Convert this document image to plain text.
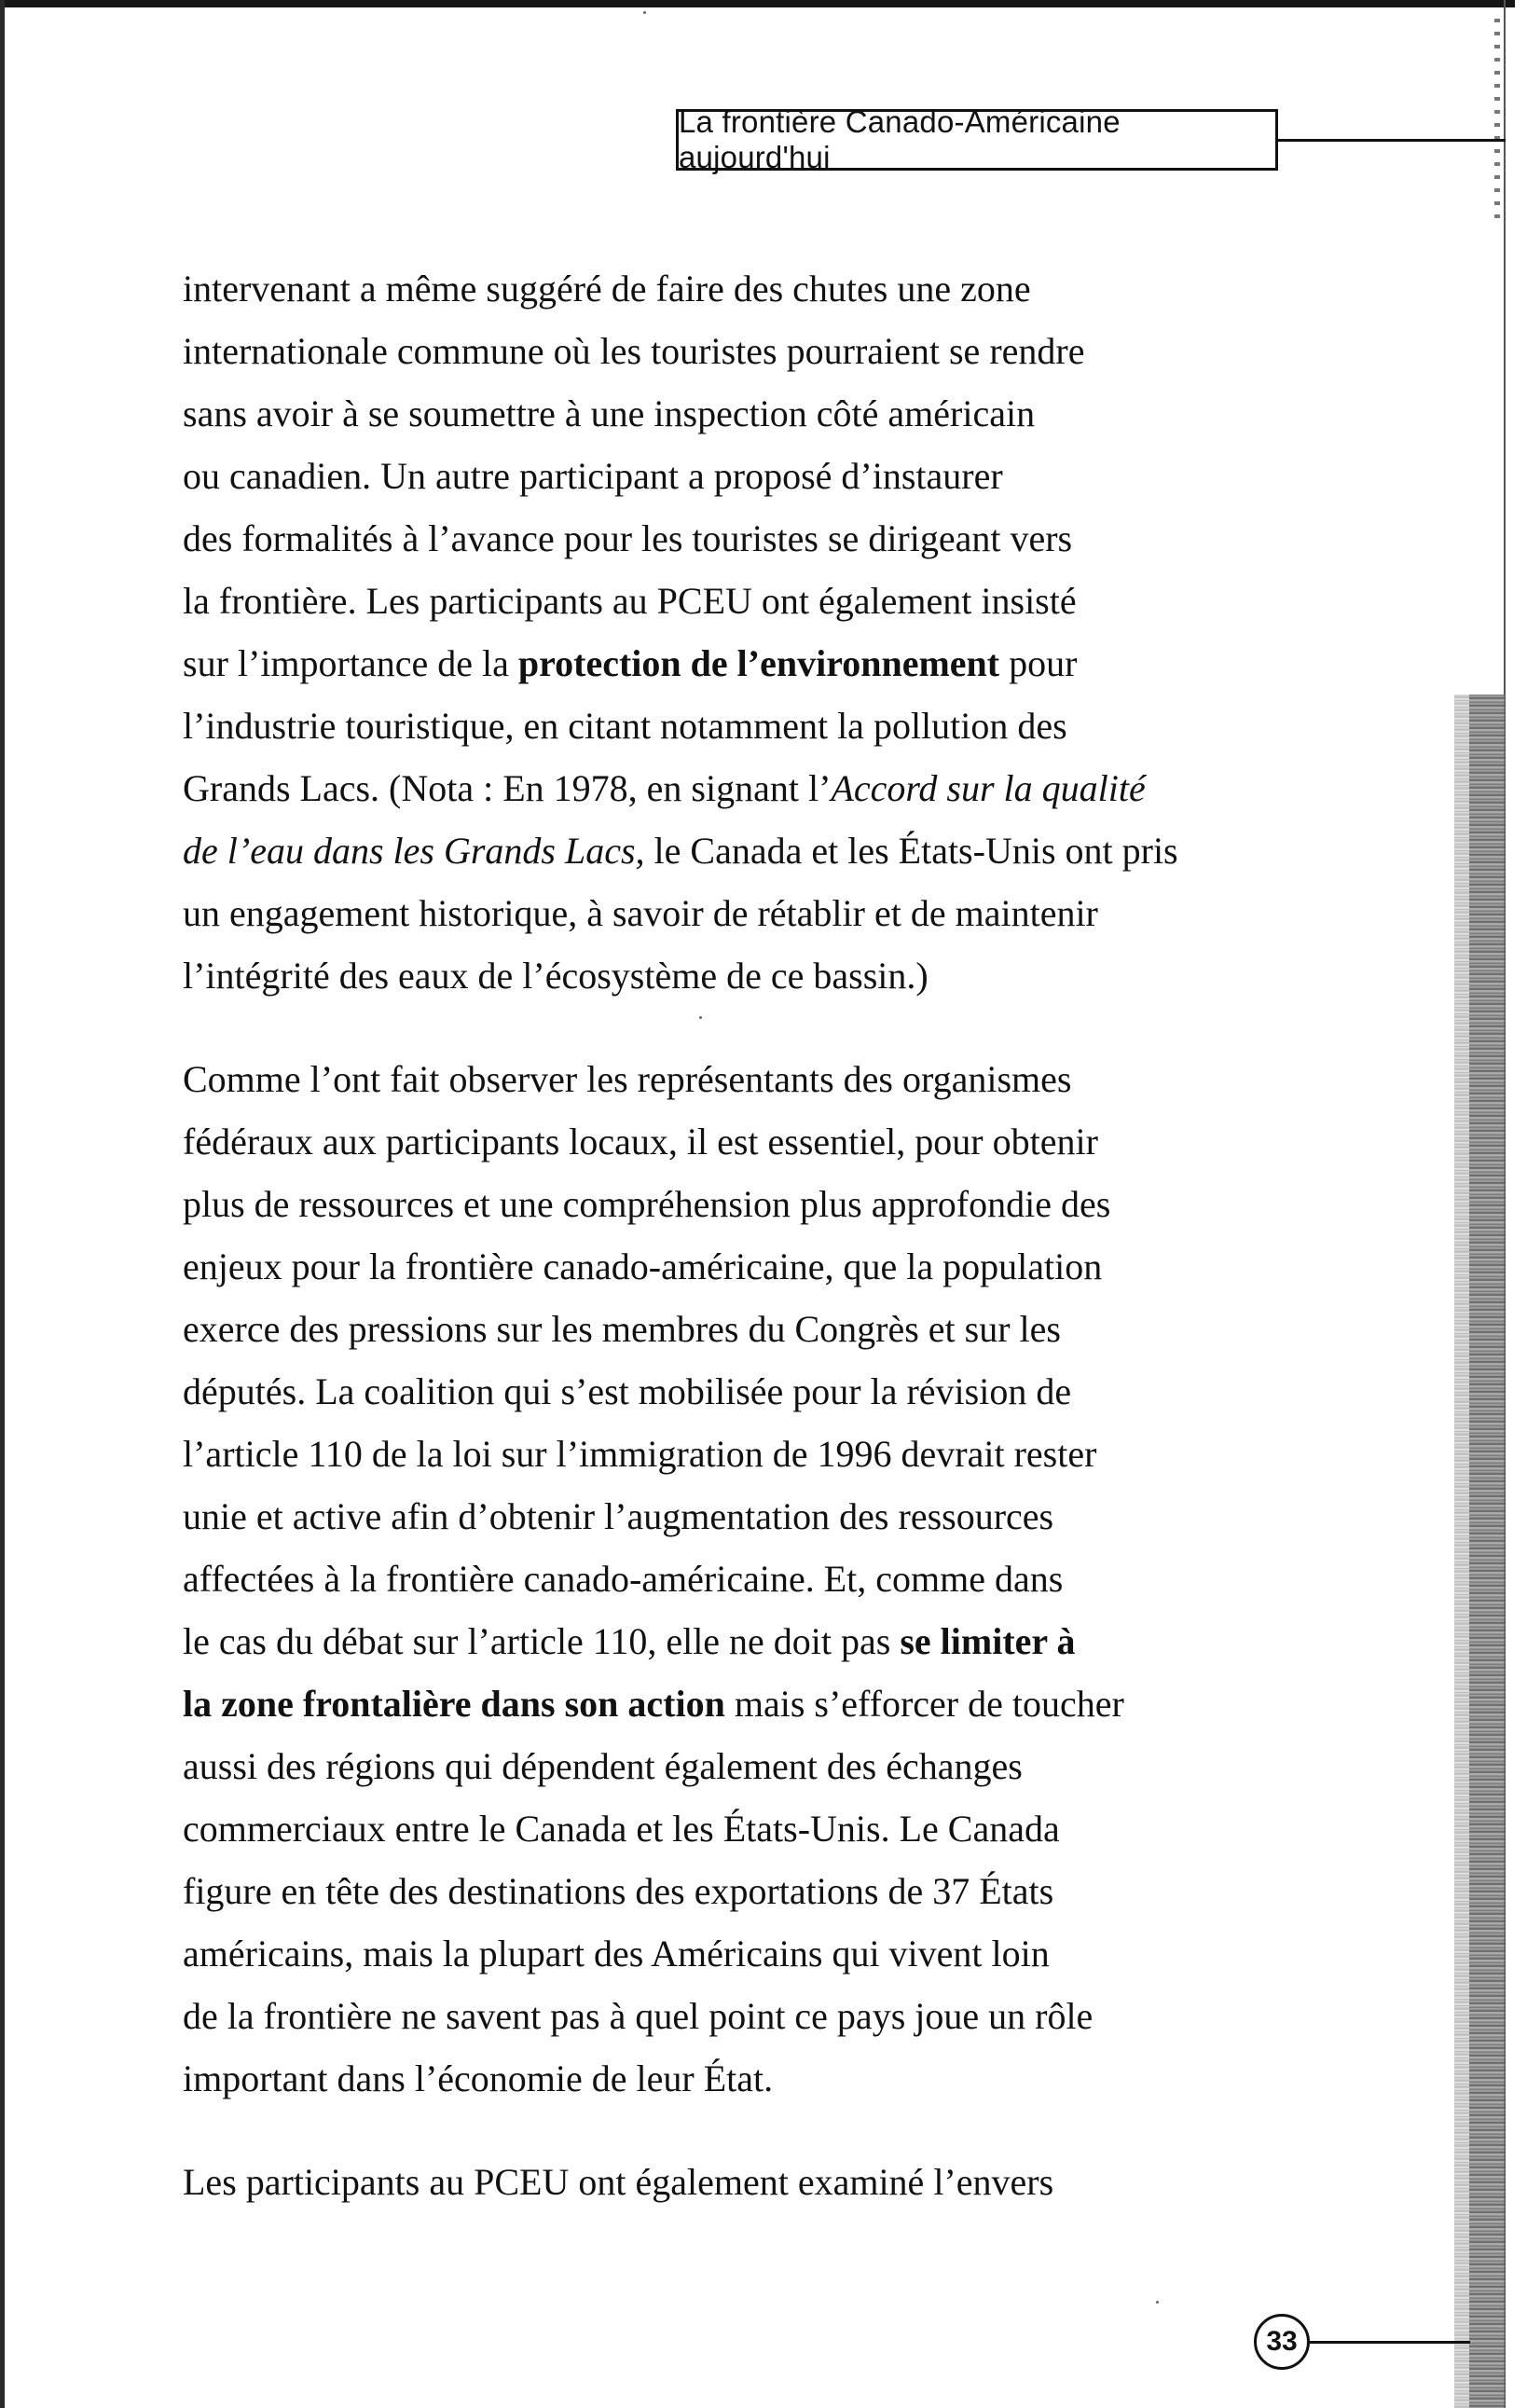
La frontière Canado-Américaine aujourd'hui
intervenant a même suggéré de faire des chutes une zone
internationale commune où les touristes pourraient se rendre
sans avoir à se soumettre à une inspection côté américain
ou canadien. Un autre participant a proposé d’instaurer
des formalités à l’avance pour les touristes se dirigeant vers
la frontière. Les participants au PCEU ont également insisté
sur l’importance de la protection de l’environnement pour
l’industrie touristique, en citant notamment la pollution des
Grands Lacs. (Nota : En 1978, en signant l’Accord sur la qualité
de l’eau dans les Grands Lacs, le Canada et les États-Unis ont pris
un engagement historique, à savoir de rétablir et de maintenir
l’intégrité des eaux de l’écosystème de ce bassin.)
Comme l’ont fait observer les représentants des organismes
fédéraux aux participants locaux, il est essentiel, pour obtenir
plus de ressources et une compréhension plus approfondie des
enjeux pour la frontière canado-américaine, que la population
exerce des pressions sur les membres du Congrès et sur les
députés. La coalition qui s’est mobilisée pour la révision de
l’article 110 de la loi sur l’immigration de 1996 devrait rester
unie et active afin d’obtenir l’augmentation des ressources
affectées à la frontière canado-américaine. Et, comme dans
le cas du débat sur l’article 110, elle ne doit pas se limiter à
la zone frontalière dans son action mais s’efforcer de toucher
aussi des régions qui dépendent également des échanges
commerciaux entre le Canada et les États-Unis. Le Canada
figure en tête des destinations des exportations de 37 États
américains, mais la plupart des Américains qui vivent loin
de la frontière ne savent pas à quel point ce pays joue un rôle
important dans l’économie de leur État.
Les participants au PCEU ont également examiné l’envers
33
